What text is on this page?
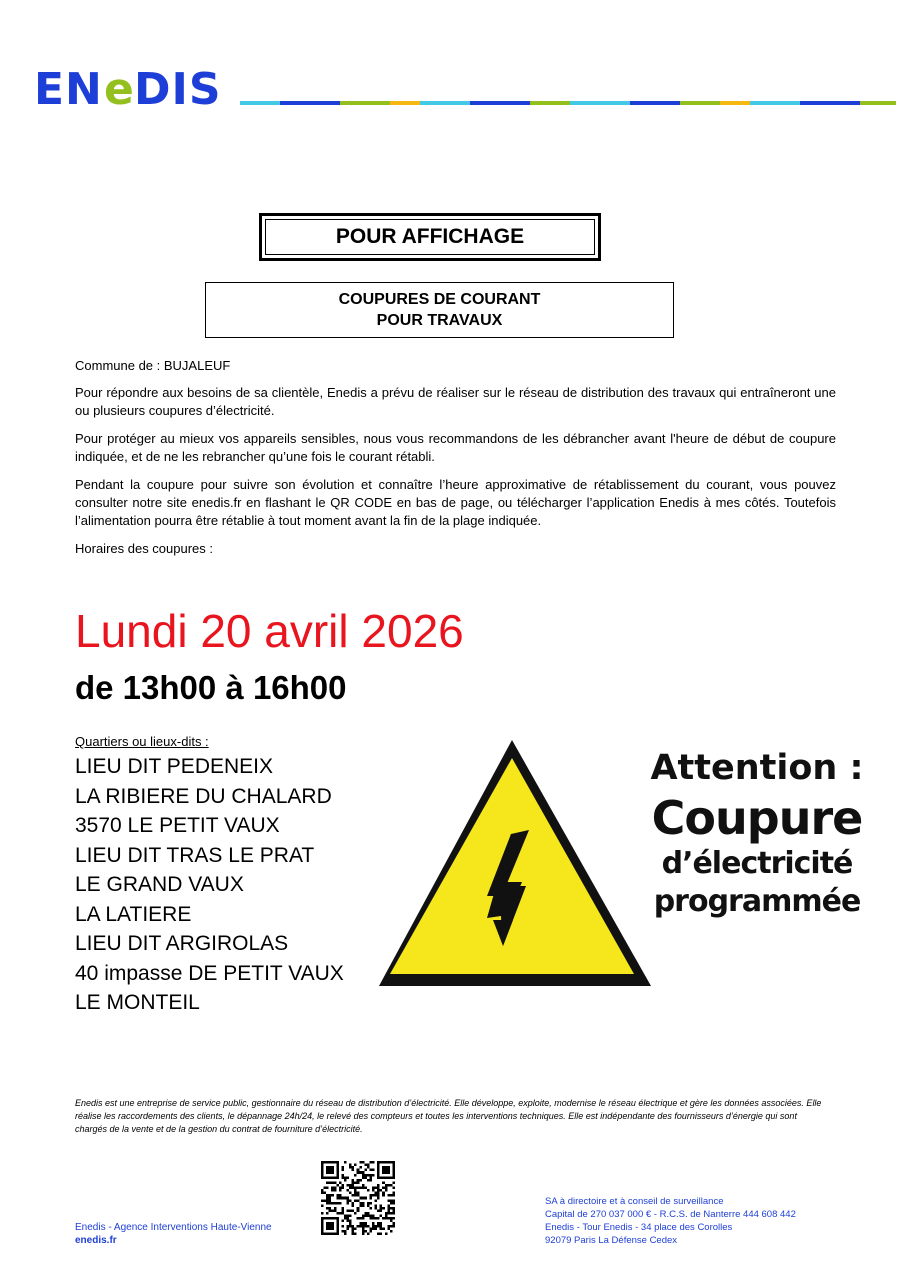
EN e DIS
POUR AFFICHAGE
COUPURES DE COURANT
POUR TRAVAUX
Commune de : BUJALEUF
Pour répondre aux besoins de sa clientèle, Enedis a prévu de réaliser sur le réseau de distribution des travaux qui entraîneront une ou plusieurs coupures d’électricité.
Pour protéger au mieux vos appareils sensibles, nous vous recommandons de les débrancher avant l'heure de début de coupure indiquée, et de ne les rebrancher qu’une fois le courant rétabli.
Pendant la coupure pour suivre son évolution et connaître l’heure approximative de rétablissement du courant, vous pouvez consulter notre site enedis.fr en flashant le QR CODE en bas de page, ou télécharger l’application Enedis à mes côtés. Toutefois l’alimentation pourra être rétablie à tout moment avant la fin de la plage indiquée.
Horaires des coupures :
Lundi 20 avril 2026
de 13h00 à 16h00
Quartiers ou lieux-dits :
LIEU DIT PEDENEIX
LA RIBIERE DU CHALARD
3570 LE PETIT VAUX
LIEU DIT TRAS LE PRAT
LE GRAND VAUX
LA LATIERE
LIEU DIT ARGIROLAS
40 impasse DE PETIT VAUX
LE MONTEIL
Attention :
Coupure
d’électricité
programmée
Enedis est une entreprise de service public, gestionnaire du réseau de distribution d’électricité. Elle développe, exploite, modernise le réseau électrique et gère les données associées. Elle réalise les raccordements des clients, le dépannage 24h/24, le relevé des compteurs et toutes les interventions techniques. Elle est indépendante des fournisseurs d’énergie qui sont chargés de la vente et de la gestion du contrat de fourniture d’électricité.
Enedis - Agence Interventions Haute-Vienne
enedis.fr
SA à directoire et à conseil de surveillance
Capital de 270 037 000 € - R.C.S. de Nanterre 444 608 442
Enedis - Tour Enedis - 34 place des Corolles
92079 Paris La Défense Cedex
